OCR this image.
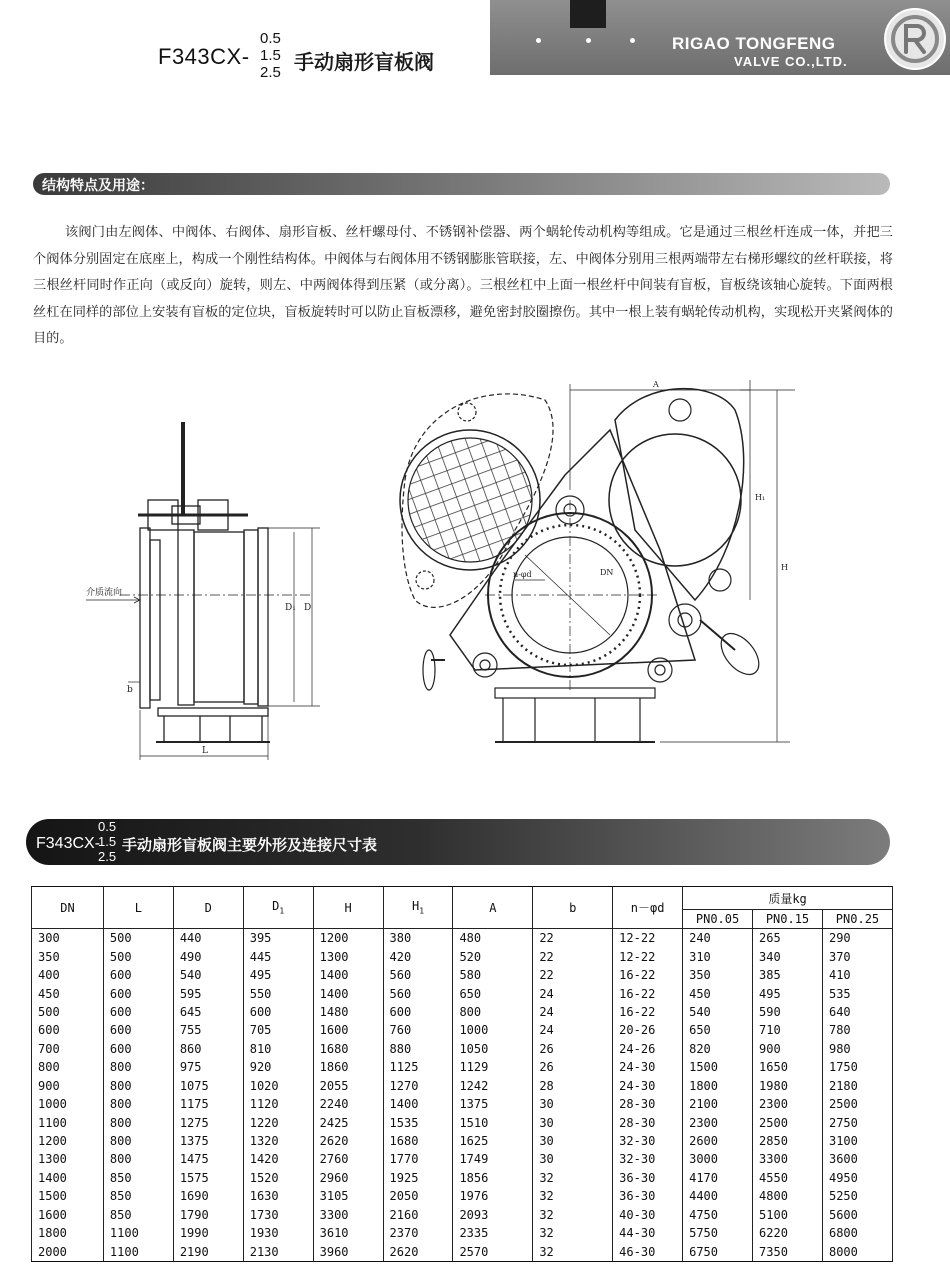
F343CX-
0.5
1.5
2.5 手动扇形盲板阀
RIGAO TONGFENG
VALVE CO.,LTD.
结构特点及用途：

该阀门由左阀体、中阀体、右阀体、扇形盲板、丝杆螺母付、不锈钢补偿器、两个蜗轮传动机构等组成。它是通过三根丝杆连成一体，并把三个阀体分别固定在底座上，构成一个刚性结构体。中阀体与右阀体用不锈钢膨胀管联接，左、中阀体分别用三根两端带左右梯形螺纹的丝杆联接，将三根丝杆同时作正向（或反向）旋转，则左、中两阀体得到压紧（或分离）。三根丝杠中上面一根丝杆中间装有盲板，盲板绕该轴心旋转。下面两根丝杠在同样的部位上安装有盲板的定位块，盲板旋转时可以防止盲板漂移，避免密封胶圈擦伤。其中一根上装有蜗轮传动机构，实现松开夹紧阀体的目的。

介质流向
D₁ D
b
L
A
H₁
H
DN
n-φd
F343CX-
0.5
1.5
2.5
手动扇形盲板阀主要外形及连接尺寸表
DN	L	D	$D_1$	H	$H_1$	A	b	n－φd	质量kg		
									PN0.05	PN0.15	PN0.25
300	500	440	395	1200	380	480	22	12-22	240	265	290
350	500	490	445	1300	420	520	22	12-22	310	340	370
400	600	540	495	1400	560	580	22	16-22	350	385	410
450	600	595	550	1400	560	650	24	16-22	450	495	535
500	600	645	600	1480	600	800	24	16-22	540	590	640
600	600	755	705	1600	760	1000	24	20-26	650	710	780
700	600	860	810	1680	880	1050	26	24-26	820	900	980
800	800	975	920	1860	1125	1129	26	24-30	1500	1650	1750
900	800	1075	1020	2055	1270	1242	28	24-30	1800	1980	2180
1000	800	1175	1120	2240	1400	1375	30	28-30	2100	2300	2500
1100	800	1275	1220	2425	1535	1510	30	28-30	2300	2500	2750
1200	800	1375	1320	2620	1680	1625	30	32-30	2600	2850	3100
1300	800	1475	1420	2760	1770	1749	30	32-30	3000	3300	3600
1400	850	1575	1520	2960	1925	1856	32	36-30	4170	4550	4950
1500	850	1690	1630	3105	2050	1976	32	36-30	4400	4800	5250
1600	850	1790	1730	3300	2160	2093	32	40-30	4750	5100	5600
1800	1100	1990	1930	3610	2370	2335	32	44-30	5750	6220	6800
2000	1100	2190	2130	3960	2620	2570	32	46-30	6750	7350	8000
